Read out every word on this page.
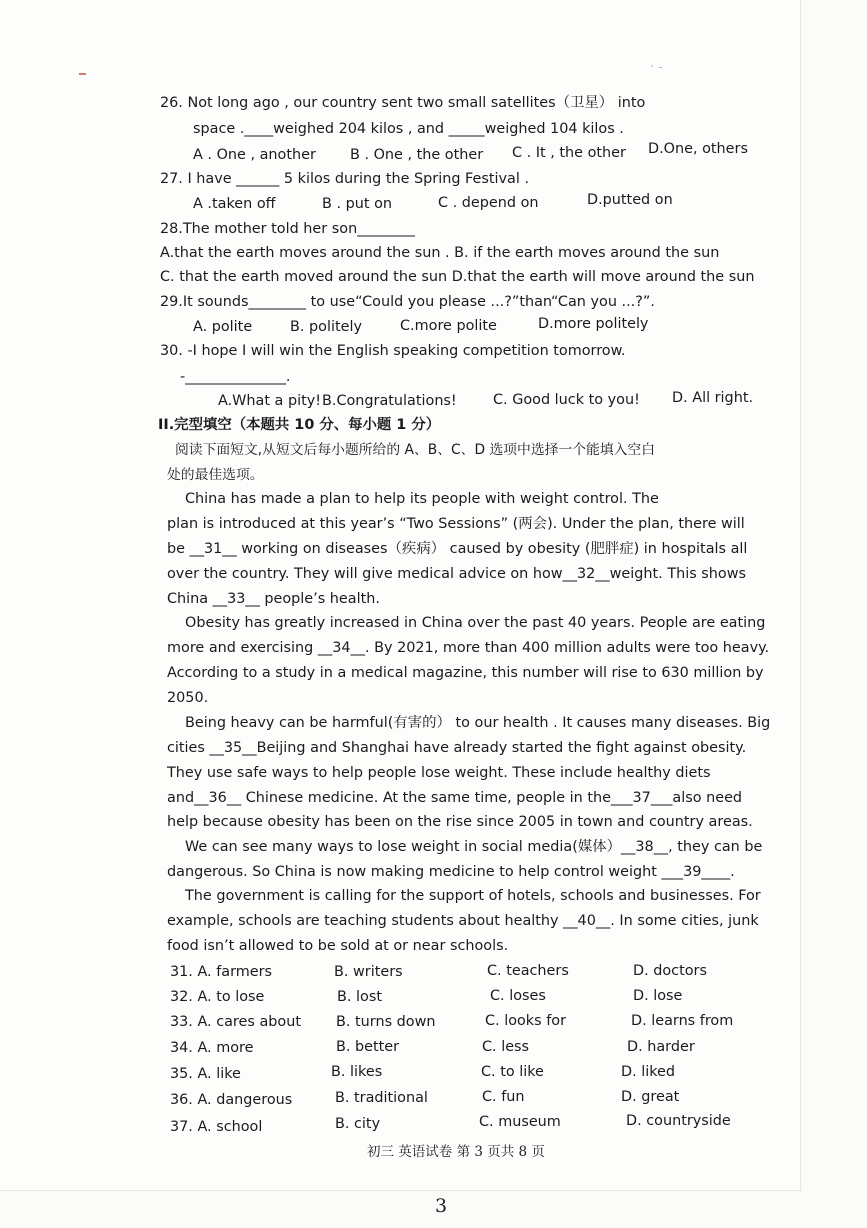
· -
26. Not long ago , our country sent two small satellites（卫星） into
space .____weighed 204 kilos , and _____weighed 104 kilos .
A . One , another B . One , the other C . It , the other D.One, others
27. I have ______ 5 kilos during the Spring Festival .
A .taken off	B . put on	C . depend on	D.putted on
28.The mother told her son________
A.that the earth moves around the sun . B. if the earth moves around the sun
C. that the earth moved around the sun D.that the earth will move around the sun
29.It sounds________ to use“Could you please ...?”than“Can you ...?”.
A. polite	B. politely	C.more polite	D.more politely
30. -I hope I will win the English speaking competition tomorrow.
-______________.
A.What a pity! B.Congratulations!	C. Good luck to you! D. All right.
II.完型填空（本题共 10 分、每小题 1 分）
阅读下面短文,从短文后每小题所给的 A、B、C、D 选项中选择一个能填入空白
处的最佳选项。
China has made a plan to help its people with weight control. The
plan is introduced at this year’s “Two Sessions” (两会). Under the plan, there will
be __31__ working on diseases（疾病） caused by obesity (肥胖症) in hospitals all
over the country. They will give medical advice on how__32__weight. This shows
China __33__ people’s health.
Obesity has greatly increased in China over the past 40 years. People are eating
more and exercising __34__. By 2021, more than 400 million adults were too heavy.
According to a study in a medical magazine, this number will rise to 630 million by
2050.
Being heavy can be harmful(有害的） to our health . It causes many diseases. Big
cities __35__Beijing and Shanghai have already started the fight against obesity.
They use safe ways to help people lose weight. These include healthy diets
and__36__ Chinese medicine. At the same time, people in the___37___also need
help because obesity has been on the rise since 2005 in town and country areas.
We can see many ways to lose weight in social media(媒体）__38__, they can be
dangerous. So China is now making medicine to help control weight ___39____.
The government is calling for the support of hotels, schools and businesses. For
example, schools are teaching students about healthy __40__. In some cities, junk
food isn’t allowed to be sold at or near schools.
31. A. farmers	B. writers	C. teachers	D. doctors
32. A. to lose	B. lost	C. loses	D. lose
33. A. cares about B. turns down	C. looks for	D. learns from
34. A. more	B. better	C. less	D. harder
35. A. like	B. likes	C. to like	D. liked
36. A. dangerous	B. traditional	C. fun	D. great
37. A. school	B. city	C. museum	D. countryside
初三 英语试卷 第 3 页共 8 页
3
